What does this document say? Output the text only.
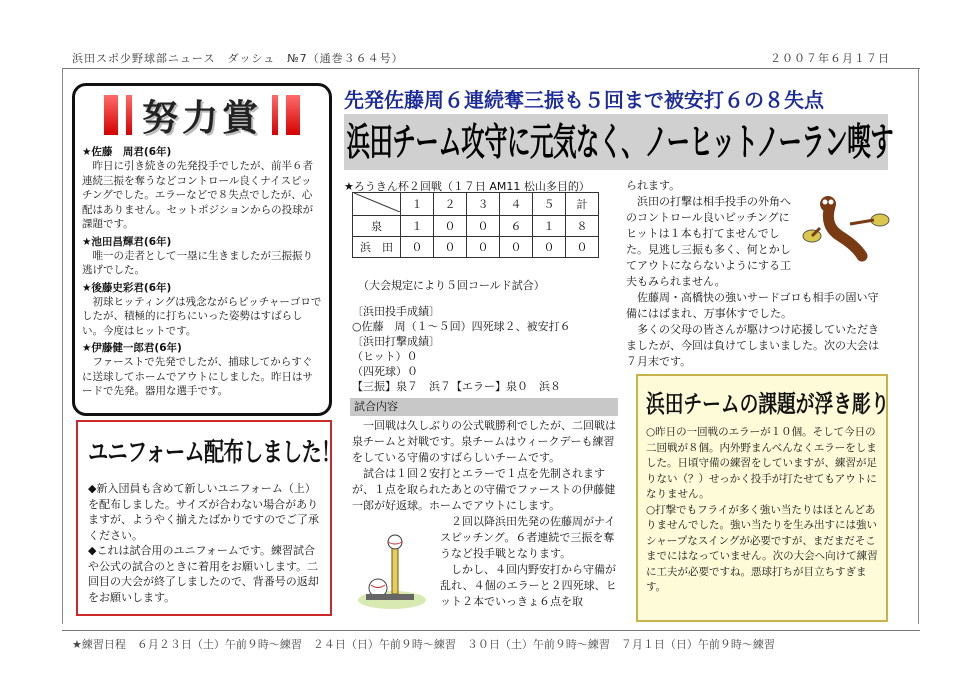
浜田スポ少野球部ニュース　ダッシュ　№7（通巻３６４号）	２００７年６月１７日
努力賞
★佐藤　周君(6年)
昨日に引き続きの先発投手でしたが、前半６者連続三振を奪うなどコントロール良くナイスピッチングでした。エラーなどで８失点でしたが、心配はありません。セットポジションからの投球が課題です。
★池田昌輝君(6年)
唯一の走者として一塁に生きましたが三振振り逃げでした。
★後藤史彩君(6年)
初球ヒッティングは残念ながらピッチャーゴロでしたが、積極的に打ちにいった姿勢はすばらしい。今度はヒットです。
★伊藤健一郎君(6年)
ファーストで先発でしたが、捕球してからすぐに送球してホームでアウトにしました。昨日はサードで先発。器用な選手です。
ユニフォーム配布しました！

◆新入団員も含めて新しいユニフォーム（上）を配布しました。サイズが合わない場合がありますが、ようやく揃えたばかりですのでご了承ください。

◆これは試合用のユニフォームです。練習試合や公式の試合のときに着用をお願いします。二回目の大会が終了しましたので、背番号の返却をお願いします。

先発佐藤周６連続奪三振も５回まで被安打６の８失点
浜田チーム攻守に元気なく、ノーヒットノーラン喫す
★ろうきん杯２回戦（１７日 AM11 松山多目的）
	１	２	３	４	５	計
泉	１	０	０	６	１	８
浜　田	０	０	０	０	０	０
（大会規定により５回コールド試合）
〔浜田投手成績〕
○佐藤　周（１～５回）四死球２、被安打６
〔浜田打撃成績〕
（ヒット）０
（四死球）０
【三振】泉７　浜７【エラー】泉０　浜８
試合内容

一回戦は久しぶりの公式戦勝利でしたが、二回戦は泉チームと対戦です。泉チームはウィークデーも練習をしている守備のすばらしいチームです。

試合は１回２安打とエラーで１点を先制されますが、１点を取られたあとの守備でファーストの伊藤健一郎が好返球。ホームでアウトにします。

２回以降浜田先発の佐藤周がナイスピッチング。６者連続で三振を奪うなど投手戦となります。

しかし、４回内野安打から守備が乱れ、４個のエラーと２四死球、ヒット２本でいっきょ６点を取

られます。

浜田の打撃は相手投手の外角へのコントロール良いピッチングにヒットは１本も打てませんでした。見逃し三振も多く、何とかしてアウトにならないようにする工夫もみられません。

佐藤周・高橋快の強いサードゴロも相手の固い守備にはばまれ、万事休すでした。

多くの父母の皆さんが駆けつけ応援していただきましたが、今回は負けてしまいました。次の大会は７月末です。

浜田チームの課題が浮き彫り

○昨日の一回戦のエラーが１０個。そして今日の二回戦が８個。内外野まんべんなくエラーをしました。日頃守備の練習をしていますが、練習が足りない（？）せっかく投手が打たせてもアウトになりません。

○打撃でもフライが多く強い当たりはほとんどありませんでした。強い当たりを生み出すには強いシャープなスイングが必要ですが、まだまだそこまでにはなっていません。次の大会へ向けて練習に工夫が必要ですね。悪球打ちが目立ちすぎます。

★練習日程　６月２３日（土）午前９時～練習　２４日（日）午前９時～練習　３０日（土）午前９時～練習　７月１日（日）午前９時～練習
